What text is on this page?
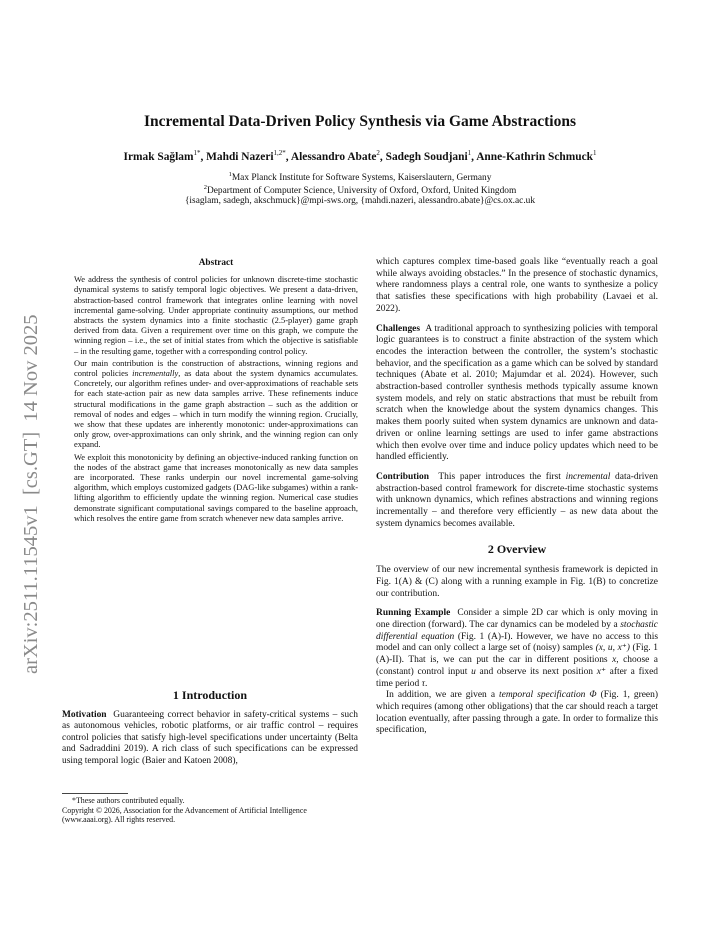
Incremental Data-Driven Policy Synthesis via Game Abstractions
Irmak Sağlam$^{1*}$, Mahdi Nazeri$^{1,2*}$, Alessandro Abate$^2$, Sadegh Soudjani$^1$, Anne-Kathrin Schmuck$^1$
$^1$Max Planck Institute for Software Systems, Kaiserslautern, Germany
$^2$Department of Computer Science, University of Oxford, Oxford, United Kingdom
{isaglam, sadegh, akschmuck}@mpi-sws.org, {mahdi.nazeri, alessandro.abate}@cs.ox.ac.uk
arXiv:2511.11545v1  [cs.GT]  14 Nov 2025
Abstract

We address the synthesis of control policies for unknown discrete-time stochastic dynamical systems to satisfy temporal logic objectives. We present a data-driven, abstraction-based control framework that integrates online learning with novel incremental game-solving. Under appropriate continuity assumptions, our method abstracts the system dynamics into a finite stochastic (2.5-player) game graph derived from data. Given a requirement over time on this graph, we compute the winning region – i.e., the set of initial states from which the objective is satisfiable – in the resulting game, together with a corresponding control policy.

Our main contribution is the construction of abstractions, winning regions and control policies incrementally, as data about the system dynamics accumulates. Concretely, our algorithm refines under- and over-approximations of reachable sets for each state-action pair as new data samples arrive. These refinements induce structural modifications in the game graph abstraction – such as the addition or removal of nodes and edges – which in turn modify the winning region. Crucially, we show that these updates are inherently monotonic: under-approximations can only grow, over-approximations can only shrink, and the winning region can only expand.

We exploit this monotonicity by defining an objective-induced ranking function on the nodes of the abstract game that increases monotonically as new data samples are incorporated. These ranks underpin our novel incremental game-solving algorithm, which employs customized gadgets (DAG-like subgames) within a rank-lifting algorithm to efficiently update the winning region. Numerical case studies demonstrate significant computational savings compared to the baseline approach, which resolves the entire game from scratch whenever new data samples arrive.

1 Introduction

Motivation Guaranteeing correct behavior in safety-critical systems – such as autonomous vehicles, robotic platforms, or air traffic control – requires control policies that satisfy high-level specifications under uncertainty (Belta and Sadraddini 2019). A rich class of such specifications can be expressed using temporal logic (Baier and Katoen 2008),

*These authors contributed equally.

Copyright © 2026, Association for the Advancement of Artificial Intelligence (www.aaai.org). All rights reserved.

which captures complex time-based goals like “eventually reach a goal while always avoiding obstacles.” In the presence of stochastic dynamics, where randomness plays a central role, one wants to synthesize a policy that satisfies these specifications with high probability (Lavaei et al. 2022).

Challenges A traditional approach to synthesizing policies with temporal logic guarantees is to construct a finite abstraction of the system which encodes the interaction between the controller, the system’s stochastic behavior, and the specification as a game which can be solved by standard techniques (Abate et al. 2010; Majumdar et al. 2024). However, such abstraction-based controller synthesis methods typically assume known system models, and rely on static abstractions that must be rebuilt from scratch when the knowledge about the system dynamics changes. This makes them poorly suited when system dynamics are unknown and data-driven or online learning settings are used to infer game abstractions which then evolve over time and induce policy updates which need to be handled efficiently.

Contribution This paper introduces the first incremental data-driven abstraction-based control framework for discrete-time stochastic systems with unknown dynamics, which refines abstractions and winning regions incrementally – and therefore very efficiently – as new data about the system dynamics becomes available.

2 Overview

The overview of our new incremental synthesis framework is depicted in Fig. 1(A) & (C) along with a running example in Fig. 1(B) to concretize our contribution.

Running Example Consider a simple 2D car which is only moving in one direction (forward). The car dynamics can be modeled by a stochastic differential equation (Fig. 1 (A)-I). However, we have no access to this model and can only collect a large set of (noisy) samples (x, u, x⁺) (Fig. 1 (A)-II). That is, we can put the car in different positions x, choose a (constant) control input u and observe its next position x⁺ after a fixed time period τ.

In addition, we are given a temporal specification Φ (Fig. 1, green) which requires (among other obligations) that the car should reach a target location eventually, after passing through a gate. In order to formalize this specification,
